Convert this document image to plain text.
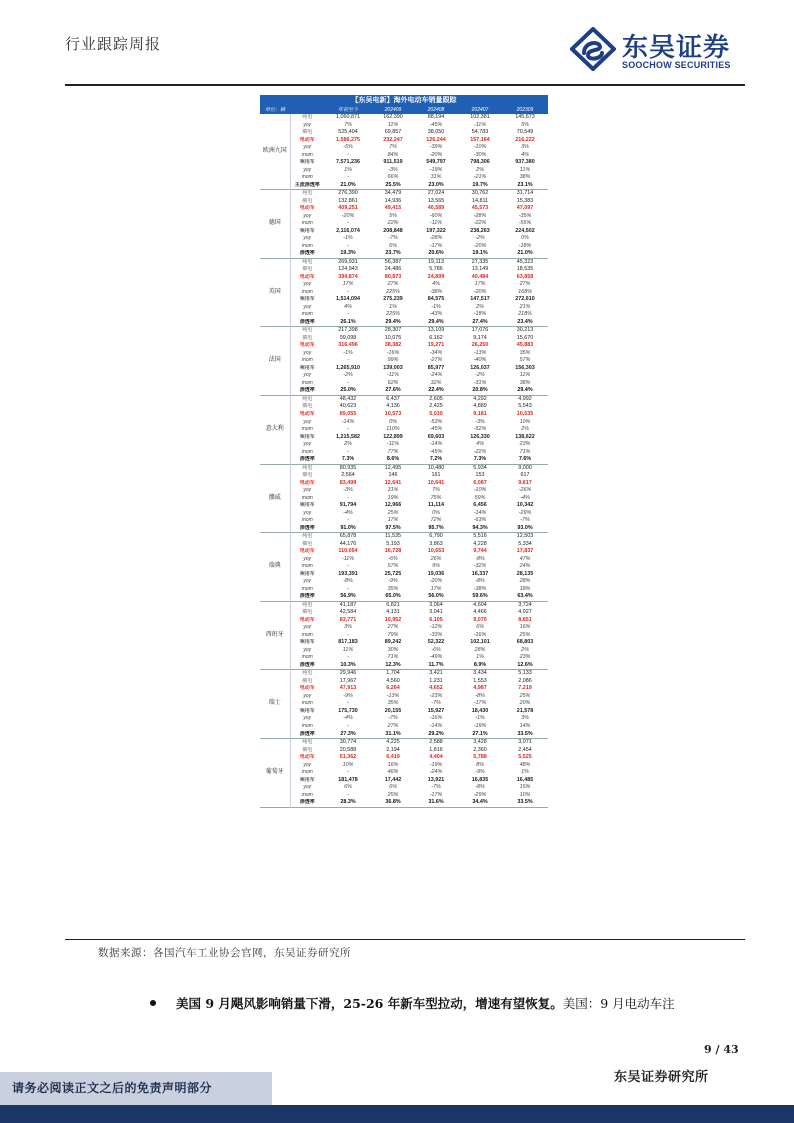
行业跟踪周报	东吴证券
SOOCHOW SECURITIES
【东吴电新】海外电动车销量跟踪
单位：辆		年初至今	202409	202408	202407	202309
欧洲九国	纯电	1,060,871	162,390	88,194	102,381	145,673
	yoy	7%	11%	-45%	-11%	5%
	插电	525,404	69,857	38,050	54,783	70,549
	电动车	1,586,275	232,247	126,244	157,164	216,222
	yoy	-5%	7%	-39%	-10%	3%
	mom	-	84%	-20%	-30%	4%
	乘用车	7,571,236	911,519	549,797	798,306	937,380
	yoy	1%	-3%	-19%	2%	11%
	mom	-	66%	31%	-21%	38%
	主流渗透率	21.0%	25.5%	23.0%	19.7%	23.1%
德国	纯电	276,390	34,479	27,024	30,762	31,714
	插电	132,861	14,936	13,565	14,811	15,383
	电动车	409,251	49,415	40,589	45,573	47,097
	yoy	-20%	5%	-60%	-28%	-35%
	mom	-	22%	-11%	-22%	-55%
	乘用车	2,116,074	208,848	197,322	238,263	224,502
	yoy	-1%	-7%	-28%	-2%	0%
	mom	-	6%	-17%	-20%	-18%
	渗透率	19.3%	23.7%	20.6%	19.1%	21.0%
英国	纯电	269,931	56,387	19,113	27,335	45,323
	插电	124,943	24,486	5,786	13,149	18,535
	电动车	394,874	80,873	24,899	40,484	63,858
	yoy	17%	27%	4%	17%	27%
	mom	-	225%	-38%	-20%	168%
	乘用车	1,514,094	275,239	84,575	147,517	272,610
	yoy	4%	1%	-1%	2%	21%
	mom	-	225%	-43%	-18%	218%
	渗透率	26.1%	29.4%	29.4%	27.4%	23.4%
法国	纯电	217,398	28,307	13,109	17,076	30,213
	插电	99,098	10,075	6,162	9,174	15,670
	电动车	316,496	38,382	19,271	26,250	45,883
	yoy	-1%	-16%	-34%	-13%	35%
	mom	-	99%	-27%	-40%	57%
	乘用车	1,265,910	139,003	85,977	126,037	156,303
	yoy	-2%	-11%	-24%	-2%	11%
	mom	-	62%	32%	-31%	38%
	渗透率	25.0%	27.6%	22.4%	20.8%	29.4%
意大利	纯电	48,432	6,437	2,605	4,292	4,992
	插电	40,623	4,136	2,425	4,889	5,543
	电动车	89,055	10,573	5,030	9,181	10,535
	yoy	-14%	0%	-53%	-3%	10%
	mom	-	110%	-45%	-52%	2%
	乘用车	1,215,582	122,899	69,603	126,330	138,622
	yoy	2%	-11%	-14%	4%	23%
	mom	-	77%	-45%	-22%	71%
	渗透率	7.3%	8.6%	7.2%	7.3%	7.6%
挪威	纯电	80,935	12,495	10,480	5,934	9,000
	插电	2,564	146	161	153	617
	电动车	83,499	12,641	10,641	6,087	9,617
	yoy	-3%	31%	7%	-10%	-26%
	mom	-	19%	75%	59%	-4%
	乘用车	91,794	12,966	11,114	6,456	10,342
	yoy	-4%	25%	0%	-14%	-29%
	mom	-	17%	72%	-63%	-7%
	渗透率	91.0%	97.5%	95.7%	94.3%	93.0%
瑞典	纯电	65,878	11,535	6,790	5,516	12,503
	插电	44,176	5,193	3,863	4,228	5,334
	电动车	110,054	16,728	10,653	9,744	17,837
	yoy	-11%	-6%	26%	-8%	47%
	mom	-	57%	9%	-32%	24%
	乘用车	193,391	25,725	19,036	16,337	28,135
	yoy	-8%	-9%	-20%	-8%	28%
	mom	-	35%	17%	-38%	18%
	渗透率	56.9%	65.0%	56.0%	59.6%	63.4%
西班牙	纯电	41,187	6,821	3,064	4,604	3,724
	插电	42,584	4,131	3,041	4,466	4,927
	电动车	83,771	10,952	6,105	9,070	8,651
	yoy	3%	27%	-12%	6%	16%
	mom	-	79%	-33%	-16%	25%
	乘用车	817,183	89,242	52,322	102,101	68,803
	yoy	11%	30%	-6%	28%	2%
	mom	-	71%	-49%	1%	23%
	渗透率	10.3%	12.3%	11.7%	8.9%	12.6%
瑞士	纯电	29,946	1,704	3,421	3,434	5,133
	插电	17,967	4,560	1,231	1,553	2,086
	电动车	47,913	6,264	4,652	4,987	7,219
	yoy	-9%	-13%	-23%	-8%	25%
	mom	-	35%	-7%	-17%	20%
	乘用车	175,730	20,155	15,927	18,430	21,578
	yoy	-4%	-7%	-16%	-1%	3%
	mom	-	27%	-14%	-19%	14%
	渗透率	27.3%	31.1%	29.2%	27.1%	33.5%
葡萄牙	纯电	30,774	4,225	2,588	3,428	3,071
	插电	20,588	2,194	1,816	2,360	2,454
	电动车	51,362	6,419	4,404	5,788	5,525
	yoy	10%	16%	-19%	8%	48%
	mom	-	46%	-24%	-9%	1%
	乘用车	181,478	17,442	13,921	16,835	16,485
	yoy	6%	6%	-7%	-8%	15%
	mom	-	25%	-17%	-29%	10%
	渗透率	28.3%	36.8%	31.6%	34.4%	33.5%
数据来源：各国汽车工业协会官网，东吴证券研究所
美国 9 月飓风影响销量下滑，25-26 年新车型拉动，增速有望恢复。美国：9 月电动车注
9 / 43
东吴证券研究所
请务必阅读正文之后的免责声明部分
